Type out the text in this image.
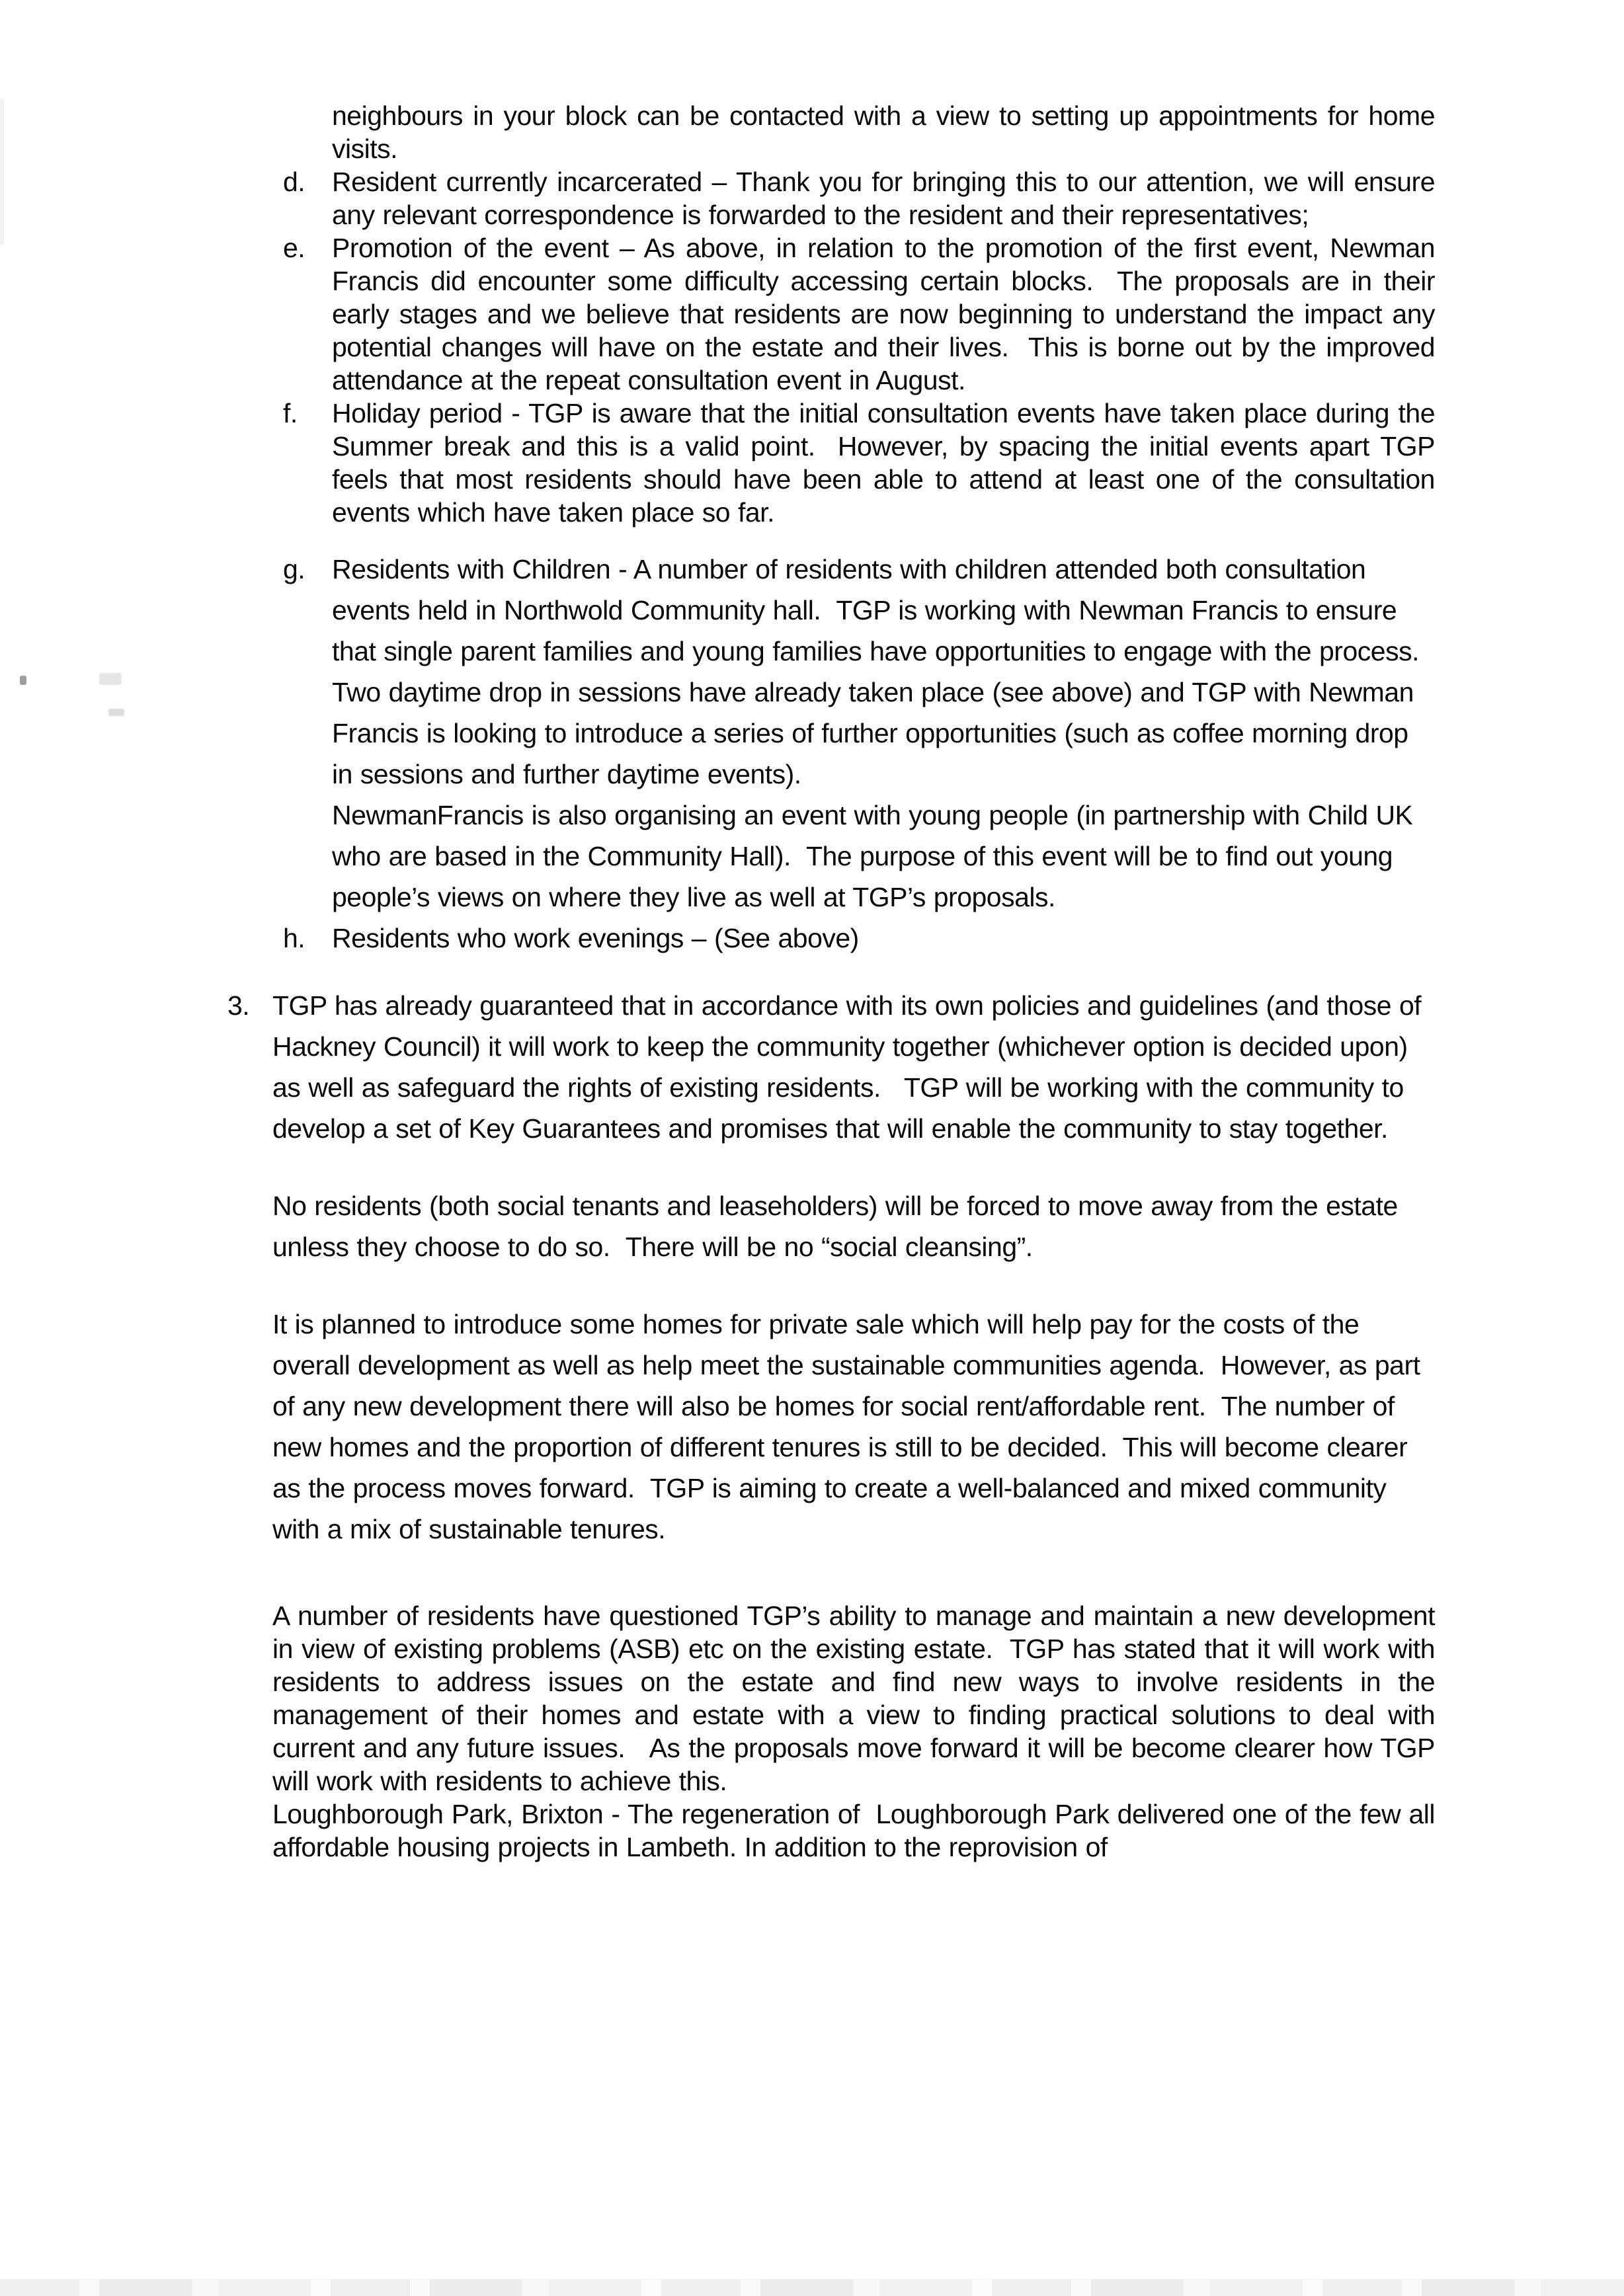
neighbours in your block can be contacted with a view to setting up appointments for home visits.

d. Resident currently incarcerated – Thank you for bringing this to our attention, we will ensure any relevant correspondence is forwarded to the resident and their representatives;

e. Promotion of the event – As above, in relation to the promotion of the first event, Newman Francis did encounter some difficulty accessing certain blocks.  The proposals are in their early stages and we believe that residents are now beginning to understand the impact any potential changes will have on the estate and their lives.  This is borne out by the improved attendance at the repeat consultation event in August.

f. Holiday period - TGP is aware that the initial consultation events have taken place during the Summer break and this is a valid point.  However, by spacing the initial events apart TGP feels that most residents should have been able to attend at least one of the consultation events which have taken place so far.

g. Residents with Children - A number of residents with children attended both consultation events held in Northwold Community hall.  TGP is working with Newman Francis to ensure that single parent families and young families have opportunities to engage with the process.  Two daytime drop in sessions have already taken place (see above) and TGP with Newman Francis is looking to introduce a series of further opportunities (such as coffee morning drop in sessions and further daytime events).

NewmanFrancis is also organising an event with young people (in partnership with Child UK who are based in the Community Hall).  The purpose of this event will be to find out young people’s views on where they live as well at TGP’s proposals.

h. Residents who work evenings – (See above)

3. TGP has already guaranteed that in accordance with its own policies and guidelines (and those of Hackney Council) it will work to keep the community together (whichever option is decided upon) as well as safeguard the rights of existing residents.   TGP will be working with the community to develop a set of Key Guarantees and promises that will enable the community to stay together.

No residents (both social tenants and leaseholders) will be forced to move away from the estate unless they choose to do so.  There will be no “social cleansing”.

It is planned to introduce some homes for private sale which will help pay for the costs of the overall development as well as help meet the sustainable communities agenda.  However, as part of any new development there will also be homes for social rent/affordable rent.  The number of new homes and the proportion of different tenures is still to be decided.  This will become clearer as the process moves forward.  TGP is aiming to create a well-balanced and mixed community with a mix of sustainable tenures.

A number of residents have questioned TGP’s ability to manage and maintain a new development in view of existing problems (ASB) etc on the existing estate.  TGP has stated that it will work with residents to address issues on the estate and find new ways to involve residents in the management of their homes and estate with a view to finding practical solutions to deal with current and any future issues.   As the proposals move forward it will be become clearer how TGP will work with residents to achieve this.

Loughborough Park, Brixton - The regeneration of  Loughborough Park delivered one of the few all affordable housing projects in Lambeth. In addition to the reprovision of
